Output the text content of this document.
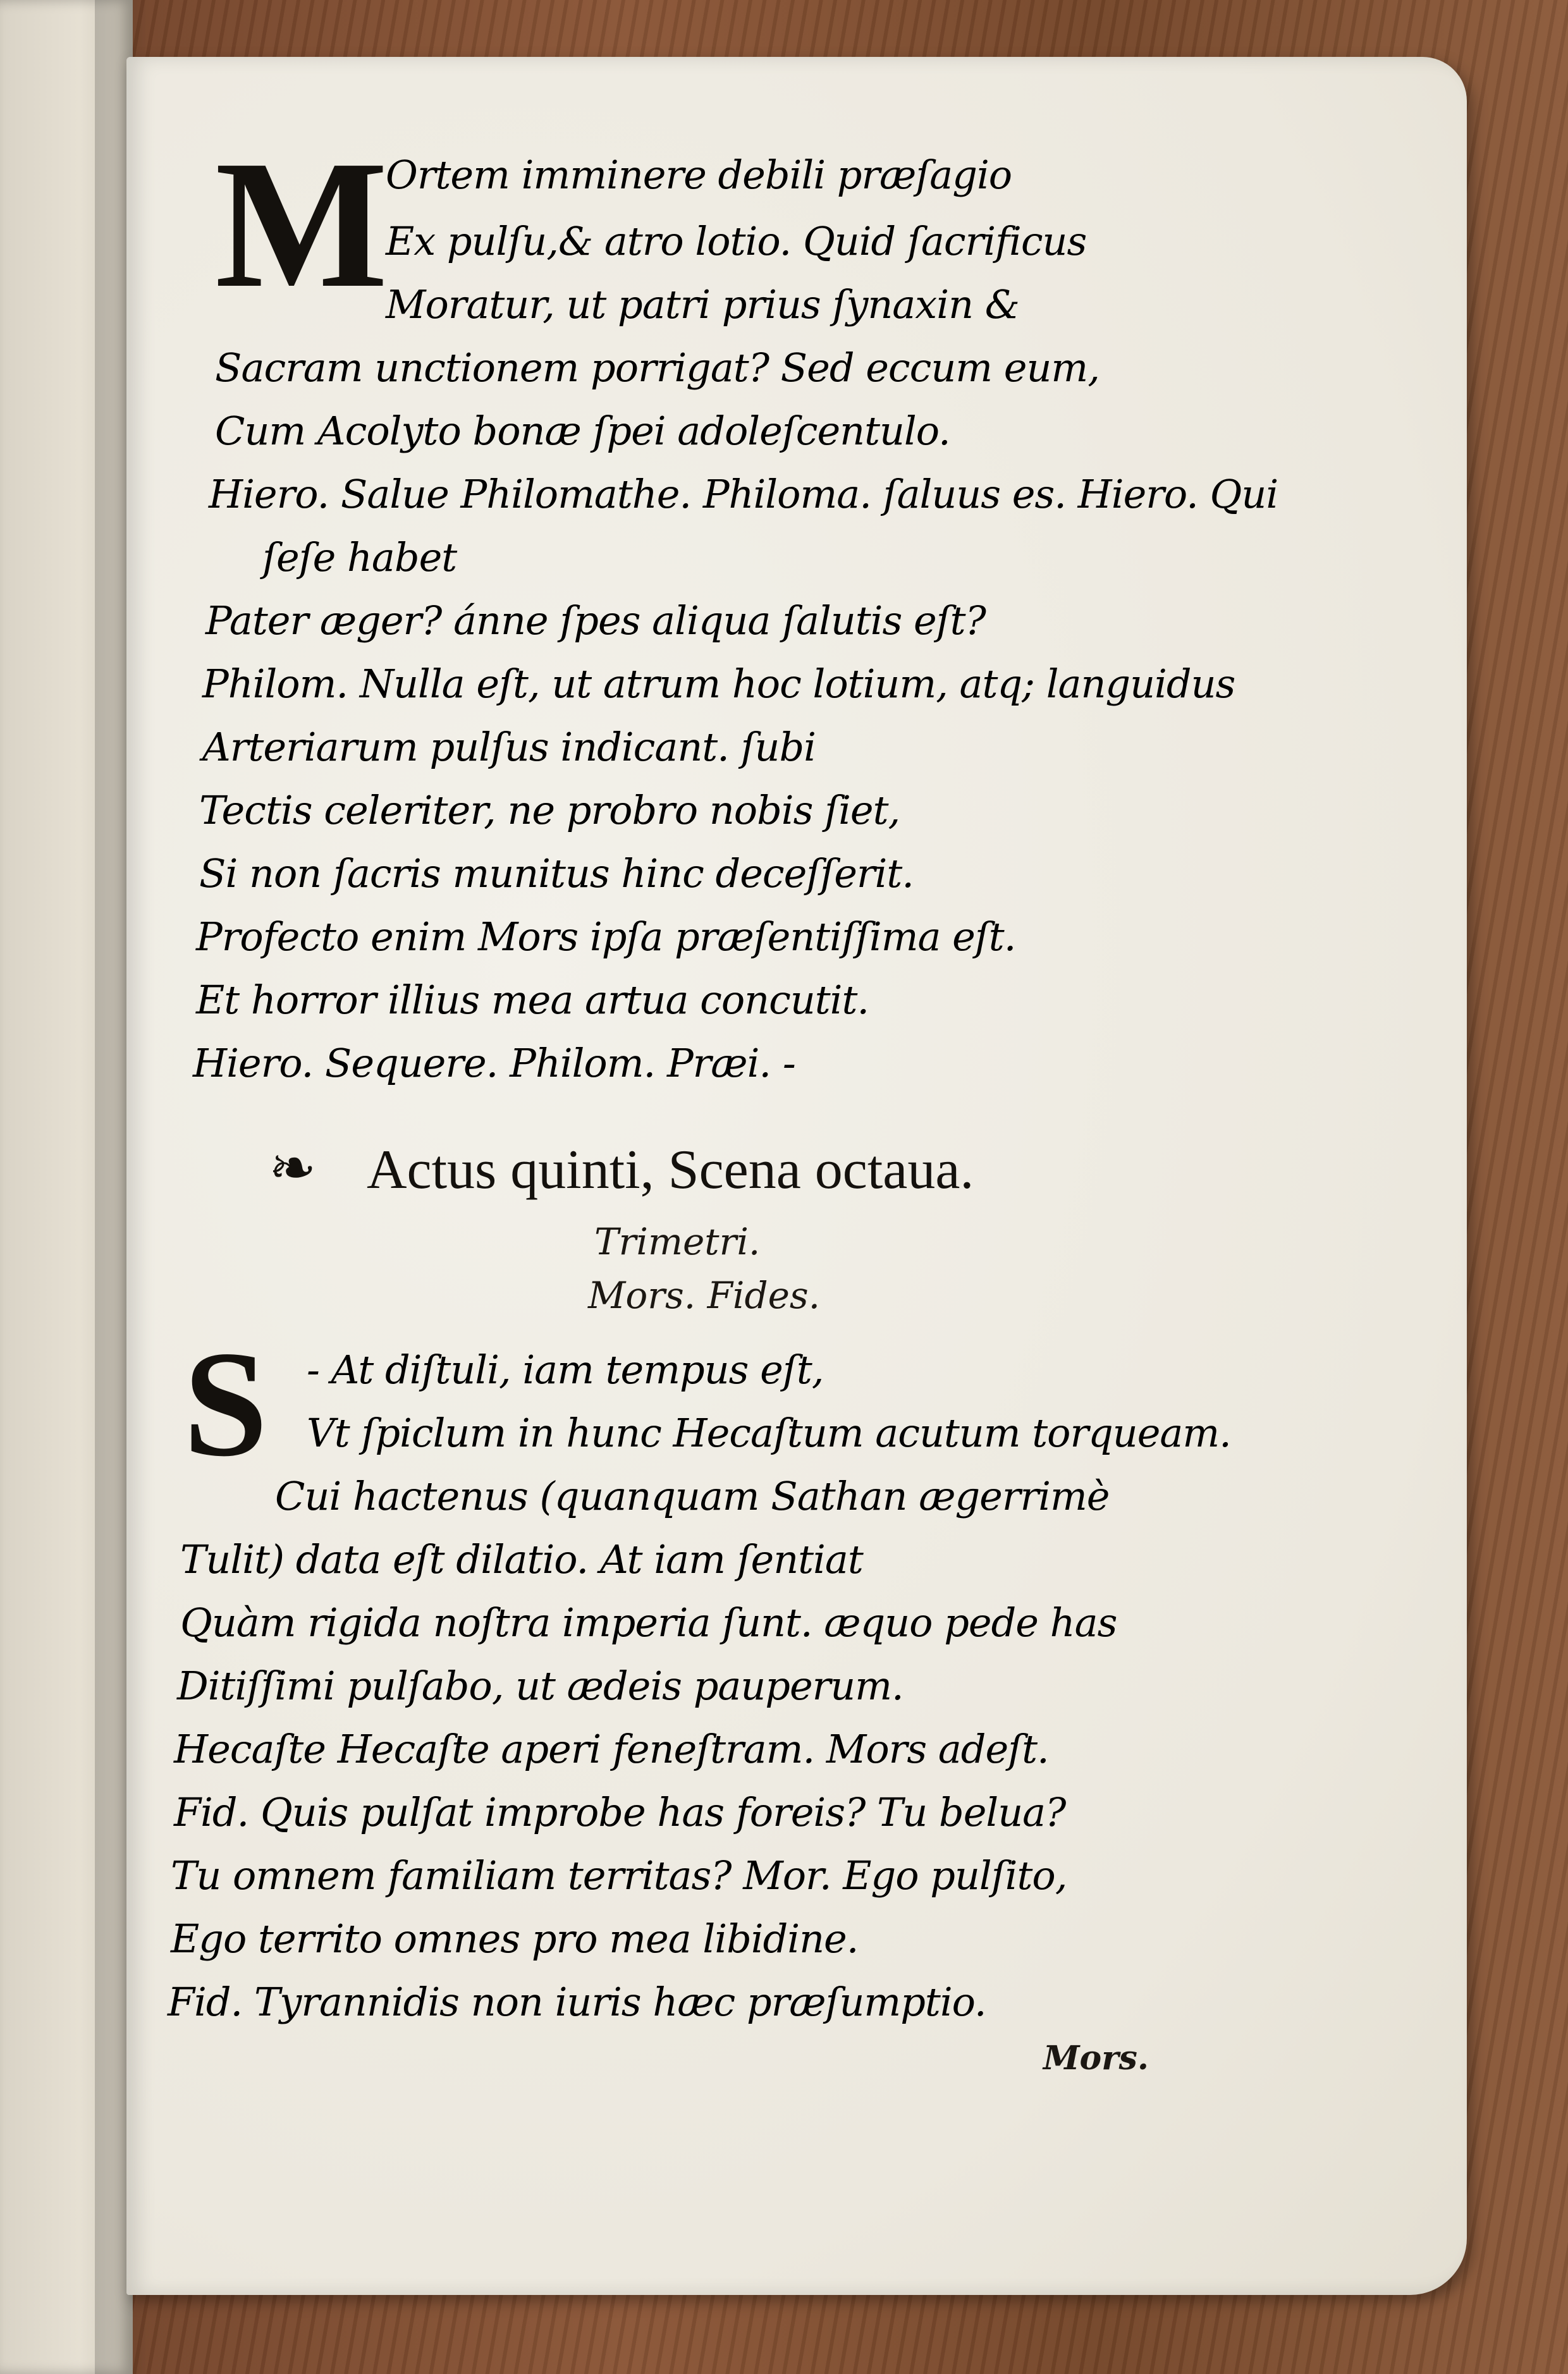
M
Ortem imminere debili præſagio
Ex pulſu,& atro lotio. Quid ſacrificus
Moratur, ut patri prius ſynaxin &
Sacram unctionem porrigat? Sed eccum eum,
Cum Acolyto bonæ ſpei adoleſcentulo.
Hiero. Salue Philomathe. Philoma. ſaluus es. Hiero. Qui
ſeſe habet
Pater æger? ánne ſpes aliqua ſalutis eſt?
Philom. Nulla eſt, ut atrum hoc lotium, atq; languidus
Arteriarum pulſus indicant. ſubi
Tectis celeriter, ne probro nobis ſiet,
Si non ſacris munitus hinc deceſſerit.
Profecto enim Mors ipſa præſentiſſima eſt.
Et horror illius mea artua concutit.
Hiero. Sequere. Philom. Præi. -
❧ Actus quinti, Scena octaua.
Trimetri.
Mors. Fides.
S - At diſtuli, iam tempus eſt,
Vt ſpiclum in hunc Hecaſtum acutum torqueam.
Cui hactenus (quanquam Sathan ægerrimè
Tulit) data eſt dilatio. At iam ſentiat
Quàm rigida noſtra imperia ſunt. æquo pede has
Ditiſſimi pulſabo, ut ædeis pauperum.
Hecaſte Hecaſte aperi feneſtram. Mors adeſt.
Fid. Quis pulſat improbe has foreis? Tu belua?
Tu omnem familiam territas? Mor. Ego pulſito,
Ego territo omnes pro mea libidine.
Fid. Tyrannidis non iuris hæc præſumptio.
Mors.
